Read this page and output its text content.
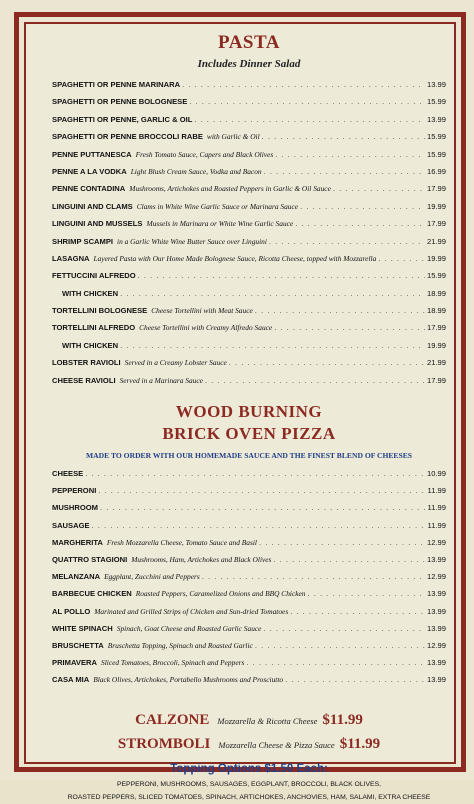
PASTA
Includes Dinner Salad
SPAGHETTI OR PENNE MARINARA . . .	13.99
SPAGHETTI OR PENNE BOLOGNESE . . .	15.99
SPAGHETTI OR PENNE, GARLIC & OIL . . .	13.99
SPAGHETTI OR PENNE BROCCOLI RABE with Garlic & Oil . . .	15.99
PENNE PUTTANESCA Fresh Tomato Sauce, Capers and Black Olives . . .	15.99
PENNE A LA VODKA Light Blush Cream Sauce, Vodka and Bacon . . .	16.99
PENNE CONTADINA Mushrooms, Artichokes and Roasted Peppers in Garlic & Oil Sauce . . .	17.99
LINGUINI AND CLAMS Clams in White Wine Garlic Sauce or Marinara Sauce . . .	19.99
LINGUINI AND MUSSELS Mussels in Marinara or White Wine Garlic Sauce . . .	17.99
SHRIMP SCAMPI in a Garlic White Wine Butter Sauce over Linguini . . .	21.99
LASAGNA Layered Pasta with Our Home Made Bolognese Sauce, Ricotta Cheese, topped with Mozzarella . . .	19.99
FETTUCCINI ALFREDO . . .	15.99
WITH CHICKEN . . .	18.99
TORTELLINI BOLOGNESE Cheese Tortellini with Meat Sauce . . .	18.99
TORTELLINI ALFREDO Cheese Tortellini with Creamy Alfredo Sauce . . .	17.99
WITH CHICKEN . . .	19.99
LOBSTER RAVIOLI Served in a Creamy Lobster Sauce . . .	21.99
CHEESE RAVIOLI Served in a Marinara Sauce . . .	17.99
WOOD BURNING
BRICK OVEN PIZZA
MADE TO ORDER WITH OUR HOMEMADE SAUCE AND THE FINEST BLEND OF CHEESES
CHEESE . . .	10.99
PEPPERONI . . .	11.99
MUSHROOM . . .	11.99
SAUSAGE . . .	11.99
MARGHERITA Fresh Mozzarella Cheese, Tomato Sauce and Basil . . .	12.99
QUATTRO STAGIONI Mushrooms, Ham, Artichokes and Black Olives . . .	13.99
MELANZANA Eggplant, Zucchini and Peppers . . .	12.99
BARBECUE CHICKEN Roasted Peppers, Caramelized Onions and BBQ Chicken . . .	13.99
AL POLLO Marinated and Grilled Strips of Chicken and Sun-dried Tomatoes . . .	13.99
WHITE SPINACH Spinach, Goat Cheese and Roasted Garlic Sauce . . .	13.99
BRUSCHETTA Bruschetta Topping, Spinach and Roasted Garlic . . .	12.99
PRIMAVERA Sliced Tomatoes, Broccoli, Spinach and Peppers . . .	13.99
CASA MIA Black Olives, Artichokes, Portabello Mushrooms and Prosciutto . . .	13.99
CALZONE Mozzarella & Ricotta Cheese $11.99
STROMBOLI Mozzarella Cheese & Pizza Sauce $11.99
Topping Options $1.50 Each:
PEPPERONI, MUSHROOMS, SAUSAGES, EGGPLANT, BROCCOLI, BLACK OLIVES,
ROASTED PEPPERS, SLICED TOMATOES, SPINACH, ARTICHOKES, ANCHOVIES, HAM, SALAMI, EXTRA CHEESE
